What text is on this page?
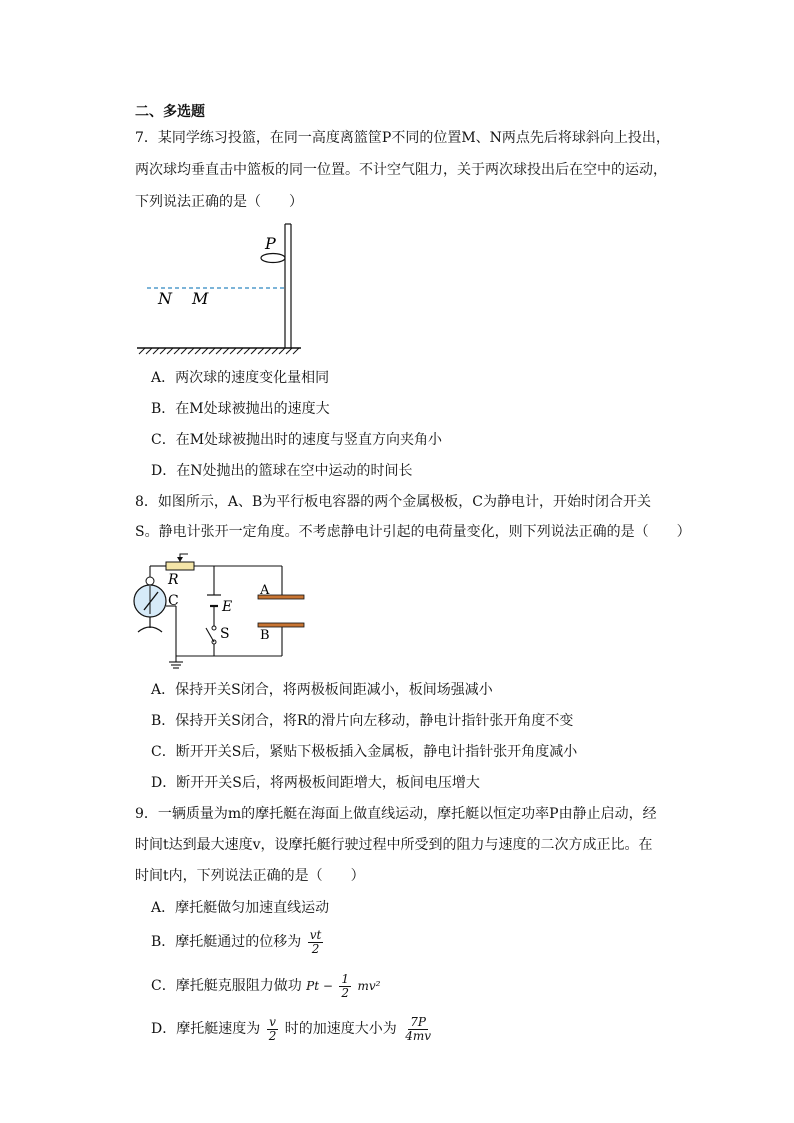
二、多选题
7．某同学练习投篮，在同一高度离篮筐P不同的位置M、N两点先后将球斜向上投出，
两次球均垂直击中篮板的同一位置。不计空气阻力，关于两次球投出后在空中的运动，
下列说法正确的是（　　）
P
N M
A．两次球的速度变化量相同
B．在M处球被抛出的速度大
C．在M处球被抛出时的速度与竖直方向夹角小
D．在N处抛出的篮球在空中运动的时间长
8．如图所示，A、B为平行板电容器的两个金属极板，C为静电计，开始时闭合开关
S。静电计张开一定角度。不考虑静电计引起的电荷量变化，则下列说法正确的是（　　）
R
C	E
S
A
B
A．保持开关S闭合，将两极板间距减小，板间场强减小
B．保持开关S闭合，将R的滑片向左移动，静电计指针张开角度不变
C．断开开关S后，紧贴下极板插入金属板，静电计指针张开角度减小
D．断开开关S后，将两极板间距增大，板间电压增大
9．一辆质量为m的摩托艇在海面上做直线运动，摩托艇以恒定功率P由静止启动，经
时间t达到最大速度v，设摩托艇行驶过程中所受到的阻力与速度的二次方成正比。在
时间t内，下列说法正确的是（　　）
A．摩托艇做匀加速直线运动
B．摩托艇通过的位移为 $\frac{vt}{2}$
C．摩托艇克服阻力做功 $Pt - \frac{1}{2} mv^2$
D．摩托艇速度为 $\frac{v}{2}$ 时的加速度大小为 $\frac{7P}{4mv}$
